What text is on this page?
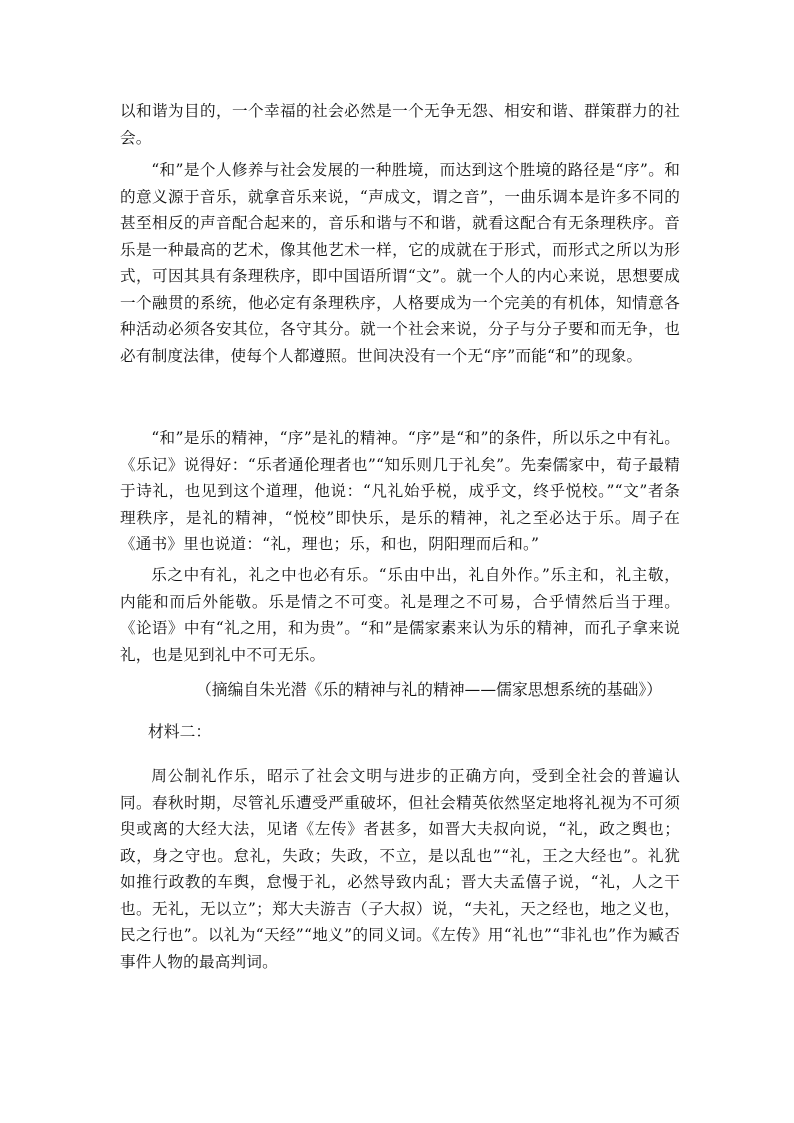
以和谐为目的，一个幸福的社会必然是一个无争无怨、相安和谐、群策群力的社会。

“和”是个人修养与社会发展的一种胜境，而达到这个胜境的路径是“序”。和的意义源于音乐，就拿音乐来说，“声成文，谓之音”，一曲乐调本是许多不同的甚至相反的声音配合起来的，音乐和谐与不和谐，就看这配合有无条理秩序。音乐是一种最高的艺术，像其他艺术一样，它的成就在于形式，而形式之所以为形式，可因其具有条理秩序，即中国语所谓“文”。就一个人的内心来说，思想要成一个融贯的系统，他必定有条理秩序，人格要成为一个完美的有机体，知情意各种活动必须各安其位，各守其分。就一个社会来说，分子与分子要和而无争，也必有制度法律，使每个人都遵照。世间决没有一个无“序”而能“和”的现象。

“和”是乐的精神，“序”是礼的精神。“序”是“和”的条件，所以乐之中有礼。《乐记》说得好：“乐者通伦理者也”“知乐则几于礼矣”。先秦儒家中，荀子最精于诗礼，也见到这个道理，他说：“凡礼始乎棁，成乎文，终乎悦校。”“文”者条理秩序，是礼的精神，“悦校”即快乐，是乐的精神，礼之至必达于乐。周子在《通书》里也说道：“礼，理也；乐，和也，阴阳理而后和。”

乐之中有礼，礼之中也必有乐。“乐由中出，礼自外作。”乐主和，礼主敬，内能和而后外能敬。乐是情之不可变。礼是理之不可易，合乎情然后当于理。《论语》中有“礼之用，和为贵”。“和”是儒家素来认为乐的精神，而孔子拿来说礼，也是见到礼中不可无乐。

（摘编自朱光潜《乐的精神与礼的精神——儒家思想系统的基础》）

材料二：

周公制礼作乐，昭示了社会文明与进步的正确方向，受到全社会的普遍认同。春秋时期，尽管礼乐遭受严重破坏，但社会精英依然坚定地将礼视为不可须臾或离的大经大法，见诸《左传》者甚多，如晋大夫叔向说，“礼，政之舆也；政，身之守也。怠礼，失政；失政，不立，是以乱也”“礼，王之大经也”。礼犹如推行政教的车舆，怠慢于礼，必然导致内乱；晋大夫孟僖子说，“礼，人之干也。无礼，无以立”；郑大夫游吉（子大叔）说，“夫礼，天之经也，地之义也，民之行也”。以礼为“天经”“地义”的同义词。《左传》用“礼也”“非礼也”作为臧否事件人物的最高判词。
